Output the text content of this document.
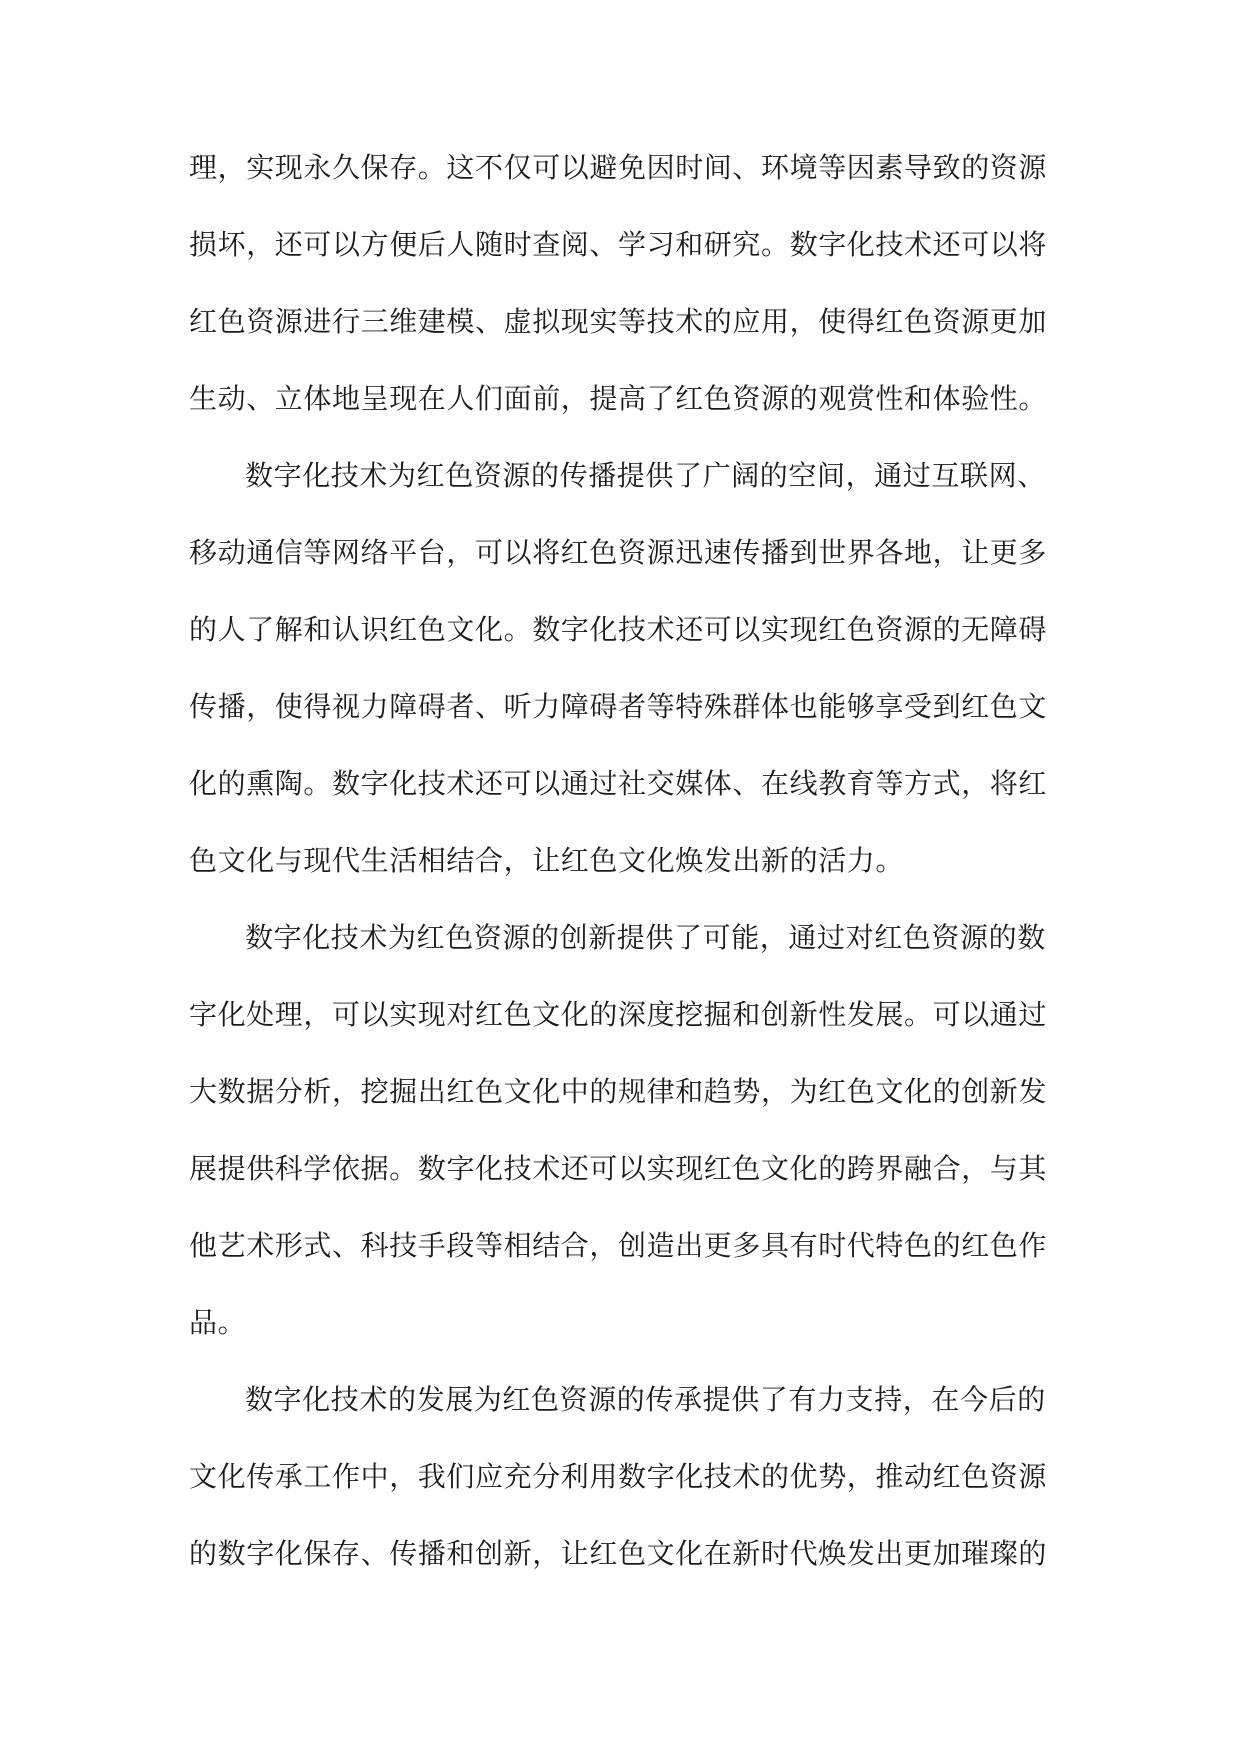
理，实现永久保存。这不仅可以避免因时间、环境等因素导致的资源
损坏，还可以方便后人随时查阅、学习和研究。数字化技术还可以将
红色资源进行三维建模、虚拟现实等技术的应用，使得红色资源更加
生动、立体地呈现在人们面前，提高了红色资源的观赏性和体验性。
数字化技术为红色资源的传播提供了广阔的空间，通过互联网、
移动通信等网络平台，可以将红色资源迅速传播到世界各地，让更多
的人了解和认识红色文化。数字化技术还可以实现红色资源的无障碍
传播，使得视力障碍者、听力障碍者等特殊群体也能够享受到红色文
化的熏陶。数字化技术还可以通过社交媒体、在线教育等方式，将红
色文化与现代生活相结合，让红色文化焕发出新的活力。
数字化技术为红色资源的创新提供了可能，通过对红色资源的数
字化处理，可以实现对红色文化的深度挖掘和创新性发展。可以通过
大数据分析，挖掘出红色文化中的规律和趋势，为红色文化的创新发
展提供科学依据。数字化技术还可以实现红色文化的跨界融合，与其
他艺术形式、科技手段等相结合，创造出更多具有时代特色的红色作
品。
数字化技术的发展为红色资源的传承提供了有力支持，在今后的
文化传承工作中，我们应充分利用数字化技术的优势，推动红色资源
的数字化保存、传播和创新，让红色文化在新时代焕发出更加璀璨的
